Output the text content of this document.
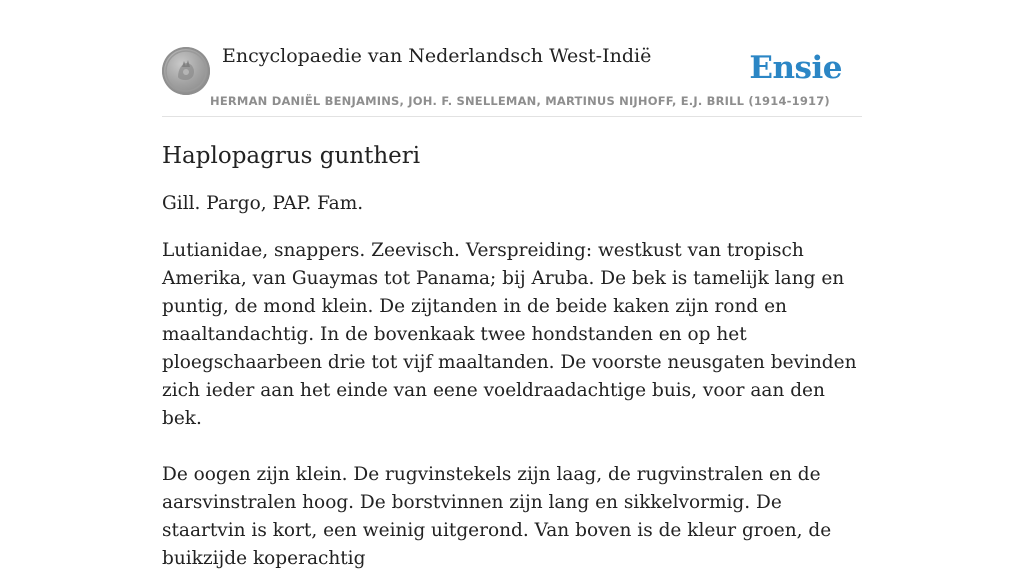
Encyclopaedie van Nederlandsch West-Indië	Ensie
HERMAN DANIËL BENJAMINS, JOH. F. SNELLEMAN, MARTINUS NIJHOFF, E.J. BRILL (1914-1917)
Haplopagrus guntheri

Gill. Pargo, PAP. Fam.

Lutianidae, snappers. Zeevisch. Verspreiding: westkust van tropisch Amerika, van Guaymas tot Panama; bij Aruba. De bek is tamelijk lang en puntig, de mond klein. De zijtanden in de beide kaken zijn rond en maaltandachtig. In de bovenkaak twee hondstanden en op het ploegschaarbeen drie tot vijf maaltanden. De voorste neusgaten bevinden zich ieder aan het einde van eene voeldraadachtige buis, voor aan den bek.

De oogen zijn klein. De rugvinstekels zijn laag, de rugvinstralen en de aarsvinstralen hoog. De borstvinnen zijn lang en sikkelvormig. De staartvin is kort, een weinig uitgerond. Van boven is de kleur groen, de buikzijde koperachtig
